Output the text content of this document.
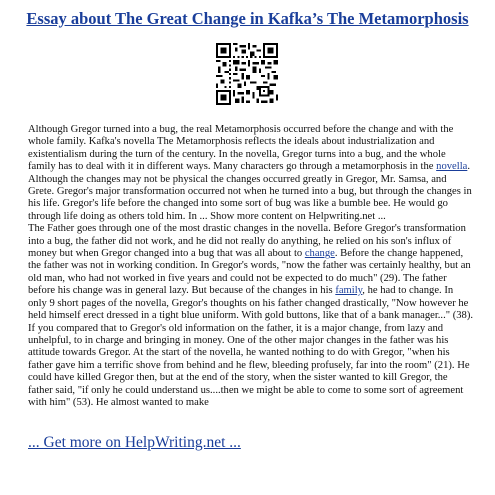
Essay about The Great Change in Kafka’s The Metamorphosis

Although Gregor turned into a bug, the real Metamorphosis occurred before the change and with the whole family. Kafka's novella The Metamorphosis reflects the ideals about industrialization and existentialism during the turn of the century. In the novella, Gregor turns into a bug, and the whole family has to deal with it in different ways. Many characters go through a metamorphosis in the novella. Although the changes may not be physical the changes occurred greatly in Gregor, Mr. Samsa, and Grete. Gregor's major transformation occurred not when he turned into a bug, but through the changes in his life. Gregor's life before the changed into some sort of bug was like a bumble bee. He would go through life doing as others told him. In ... Show more content on Helpwriting.net ...

The Father goes through one of the most drastic changes in the novella. Before Gregor's transformation into a bug, the father did not work, and he did not really do anything, he relied on his son's influx of money but when Gregor changed into a bug that was all about to change. Before the change happened, the father was not in working condition. In Gregor's words, "now the father was certainly healthy, but an old man, who had not worked in five years and could not be expected to do much" (29). The father before his change was in general lazy. But because of the changes in his family, he had to change. In only 9 short pages of the novella, Gregor's thoughts on his father changed drastically, "Now however he held himself erect dressed in a tight blue uniform. With gold buttons, like that of a bank manager..." (38). If you compared that to Gregor's old information on the father, it is a major change, from lazy and unhelpful, to in charge and bringing in money. One of the other major changes in the father was his attitude towards Gregor. At the start of the novella, he wanted nothing to do with Gregor, "when his father gave him a terrific shove from behind and he flew, bleeding profusely, far into the room" (21). He could have killed Gregor then, but at the end of the story, when the sister wanted to kill Gregor, the father said, "if only he could understand us....then we might be able to come to some sort of agreement with him" (53). He almost wanted to make

... Get more on HelpWriting.net ...
